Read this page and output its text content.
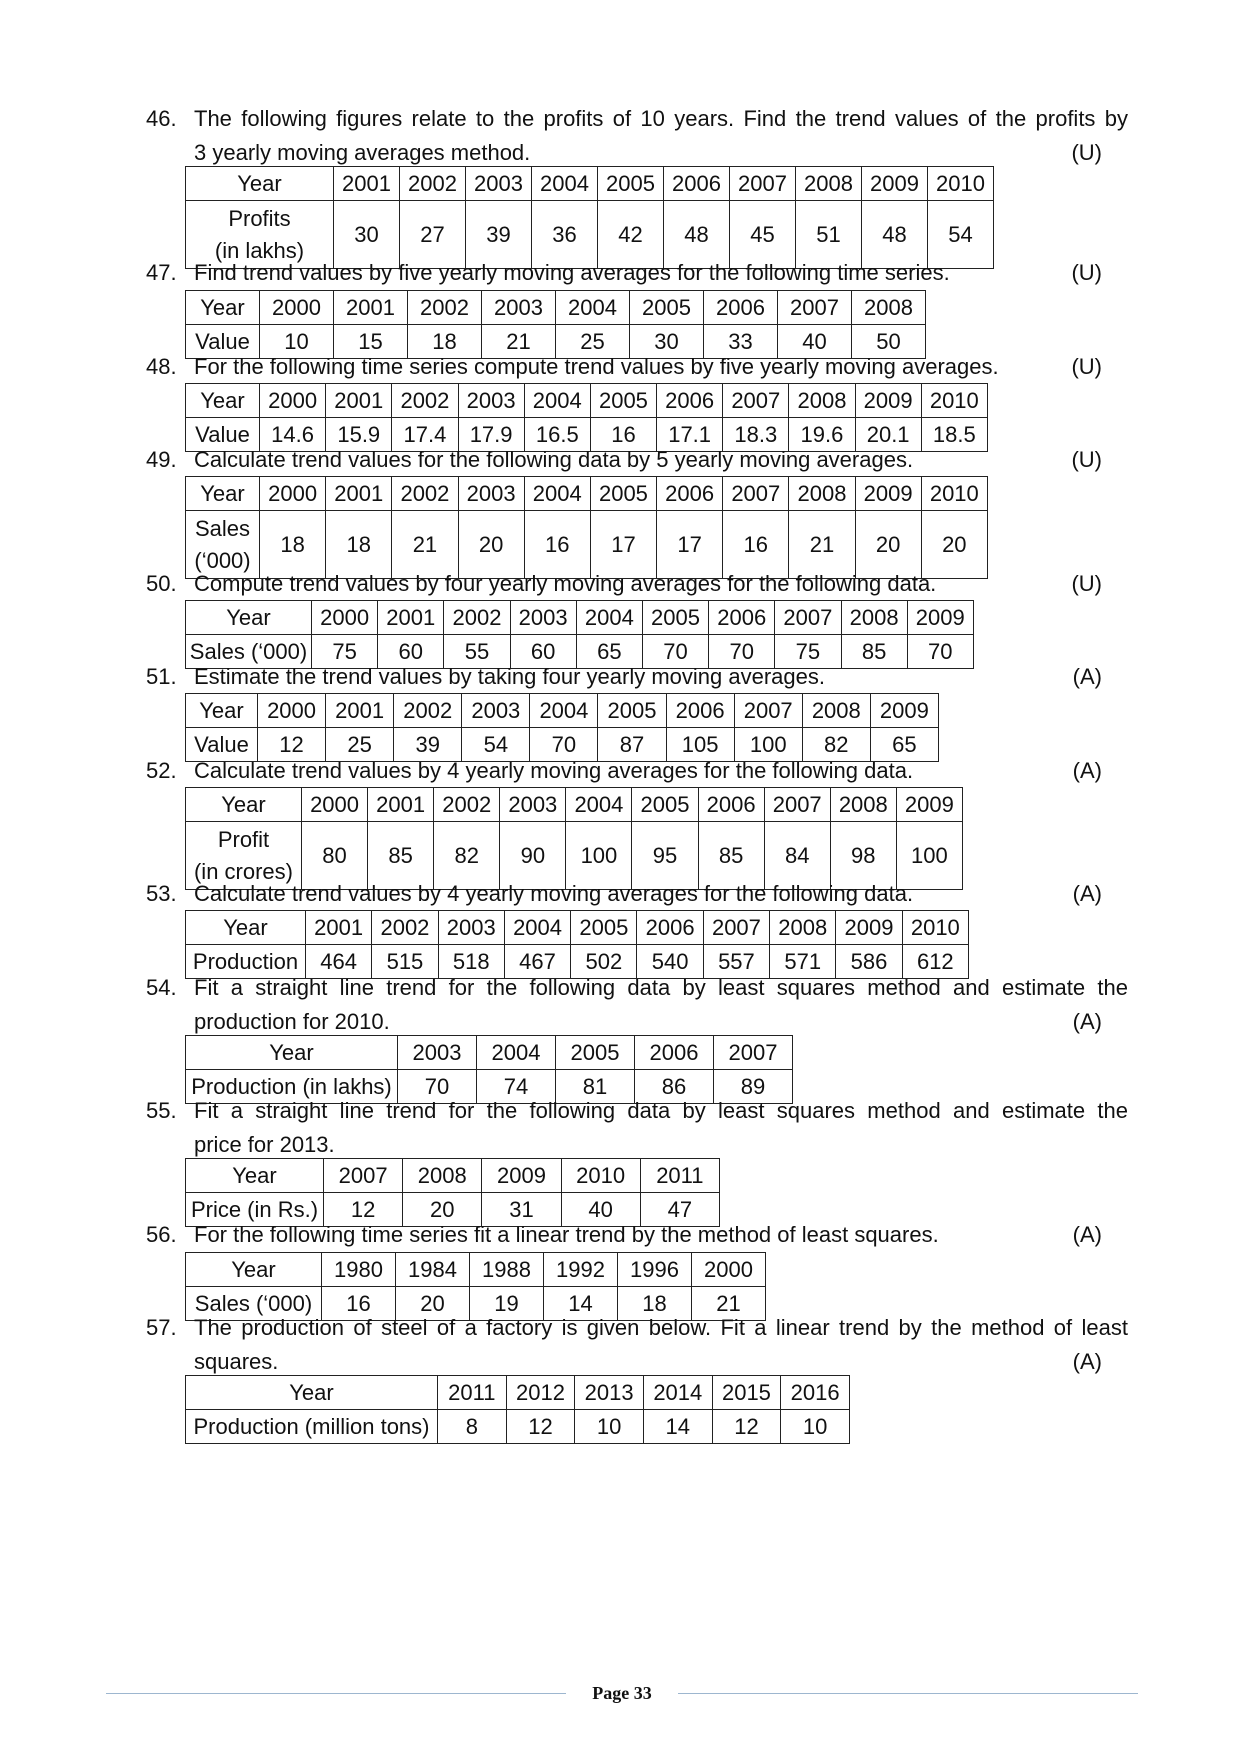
46. The following figures relate to the profits of 10 years. Find the trend values of the profits by
3 yearly moving averages method.	(U)
Year	2001	2002	2003	2004	2005	2006	2007	2008	2009	2010
Profits
(in lakhs)	30	27	39	36	42	48	45	51	48	54
47. Find trend values by five yearly moving averages for the following time series.	(U)
Year	2000	2001	2002	2003	2004	2005	2006	2007	2008
Value	10	15	18	21	25	30	33	40	50
48. For the following time series compute trend values by five yearly moving averages.	(U)
Year	2000	2001	2002	2003	2004	2005	2006	2007	2008	2009	2010
Value	14.6	15.9	17.4	17.9	16.5	16	17.1	18.3	19.6	20.1	18.5
49. Calculate trend values for the following data by 5 yearly moving averages.	(U)
Year	2000	2001	2002	2003	2004	2005	2006	2007	2008	2009	2010
Sales
(‘000)	18	18	21	20	16	17	17	16	21	20	20
50. Compute trend values by four yearly moving averages for the following data.	(U)
Year	2000	2001	2002	2003	2004	2005	2006	2007	2008	2009
Sales (‘000)	75	60	55	60	65	70	70	75	85	70
51. Estimate the trend values by taking four yearly moving averages.	(A)
Year	2000	2001	2002	2003	2004	2005	2006	2007	2008	2009
Value	12	25	39	54	70	87	105	100	82	65
52. Calculate trend values by 4 yearly moving averages for the following data.	(A)
Year	2000	2001	2002	2003	2004	2005	2006	2007	2008	2009
Profit
(in crores)	80	85	82	90	100	95	85	84	98	100
53. Calculate trend values by 4 yearly moving averages for the following data.	(A)
Year	2001	2002	2003	2004	2005	2006	2007	2008	2009	2010
Production	464	515	518	467	502	540	557	571	586	612
54. Fit a straight line trend for the following data by least squares method and estimate the
production for 2010.	(A)
Year	2003	2004	2005	2006	2007
Production (in lakhs)	70	74	81	86	89
55. Fit a straight line trend for the following data by least squares method and estimate the
price for 2013.
Year	2007	2008	2009	2010	2011
Price (in Rs.)	12	20	31	40	47
56. For the following time series fit a linear trend by the method of least squares.	(A)
Year	1980	1984	1988	1992	1996	2000
Sales (‘000)	16	20	19	14	18	21
57. The production of steel of a factory is given below. Fit a linear trend by the method of least
squares.	(A)
Year	2011	2012	2013	2014	2015	2016
Production (million tons)	8	12	10	14	12	10
Page 33
